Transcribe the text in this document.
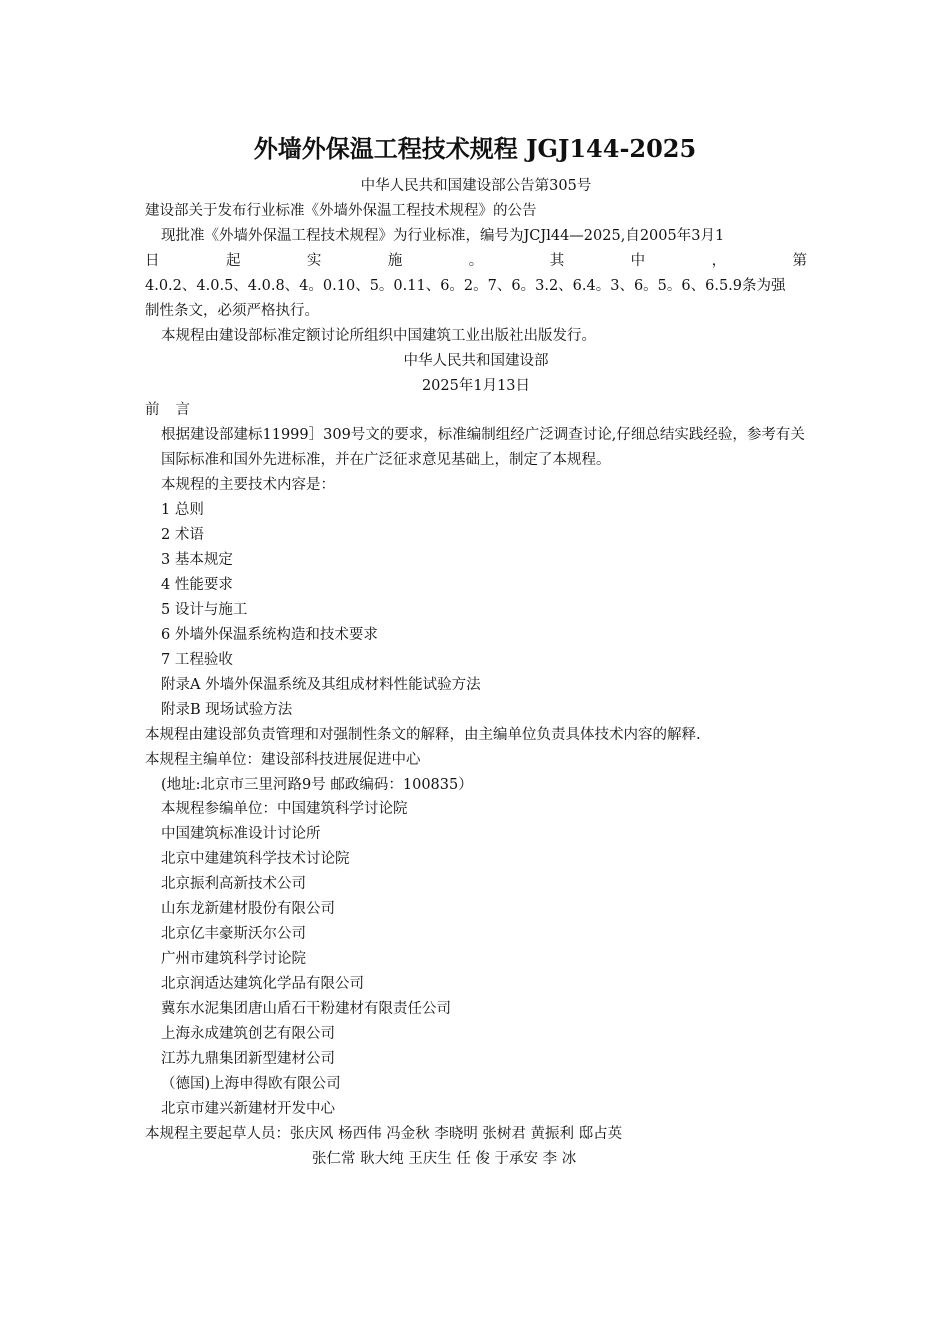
外墙外保温工程技术规程 JGJ144-2025
中华人民共和国建设部公告第305号
建设部关于发布行业标准《外墙外保温工程技术规程》的公告
现批准《外墙外保温工程技术规程》为行业标准，编号为JCJl44—2025,自2005年3月1
日	起	实	施	。	其	中	，	第
4.0.2、4.0.5、4.0.8、4。0.10、5。0.11、6。2。7、6。3.2、6.4。3、6。5。6、6.5.9条为强
制性条文，必须严格执行。
本规程由建设部标准定额讨论所组织中国建筑工业出版社出版发行。
中华人民共和国建设部
2025年1月13日
前 言
根据建设部建标11999］309号文的要求，标准编制组经广泛调查讨论,仔细总结实践经验，参考有关国际标准和国外先进标准，并在广泛征求意见基础上，制定了本规程。
本规程的主要技术内容是：
1 总则
2 术语
3 基本规定
4 性能要求
5 设计与施工
6 外墙外保温系统构造和技术要求
7 工程验收
附录A 外墙外保温系统及其组成材料性能试验方法
附录B 现场试验方法
本规程由建设部负责管理和对强制性条文的解释，由主编单位负责具体技术内容的解释.
本规程主编单位：建设部科技进展促进中心
(地址:北京市三里河路9号 邮政编码：100835）
本规程参编单位：中国建筑科学讨论院
中国建筑标准设计讨论所
北京中建建筑科学技术讨论院
北京振利高新技术公司
山东龙新建材股份有限公司
北京亿丰豪斯沃尔公司
广州市建筑科学讨论院
北京润适达建筑化学品有限公司
冀东水泥集团唐山盾石干粉建材有限责任公司
上海永成建筑创艺有限公司
江苏九鼎集团新型建材公司
（德国)上海申得欧有限公司
北京市建兴新建材开发中心
本规程主要起草人员：张庆风 杨西伟 冯金秋 李晓明 张树君 黄振利 邸占英
张仁常 耿大纯 王庆生 任 俊 于承安 李 冰
